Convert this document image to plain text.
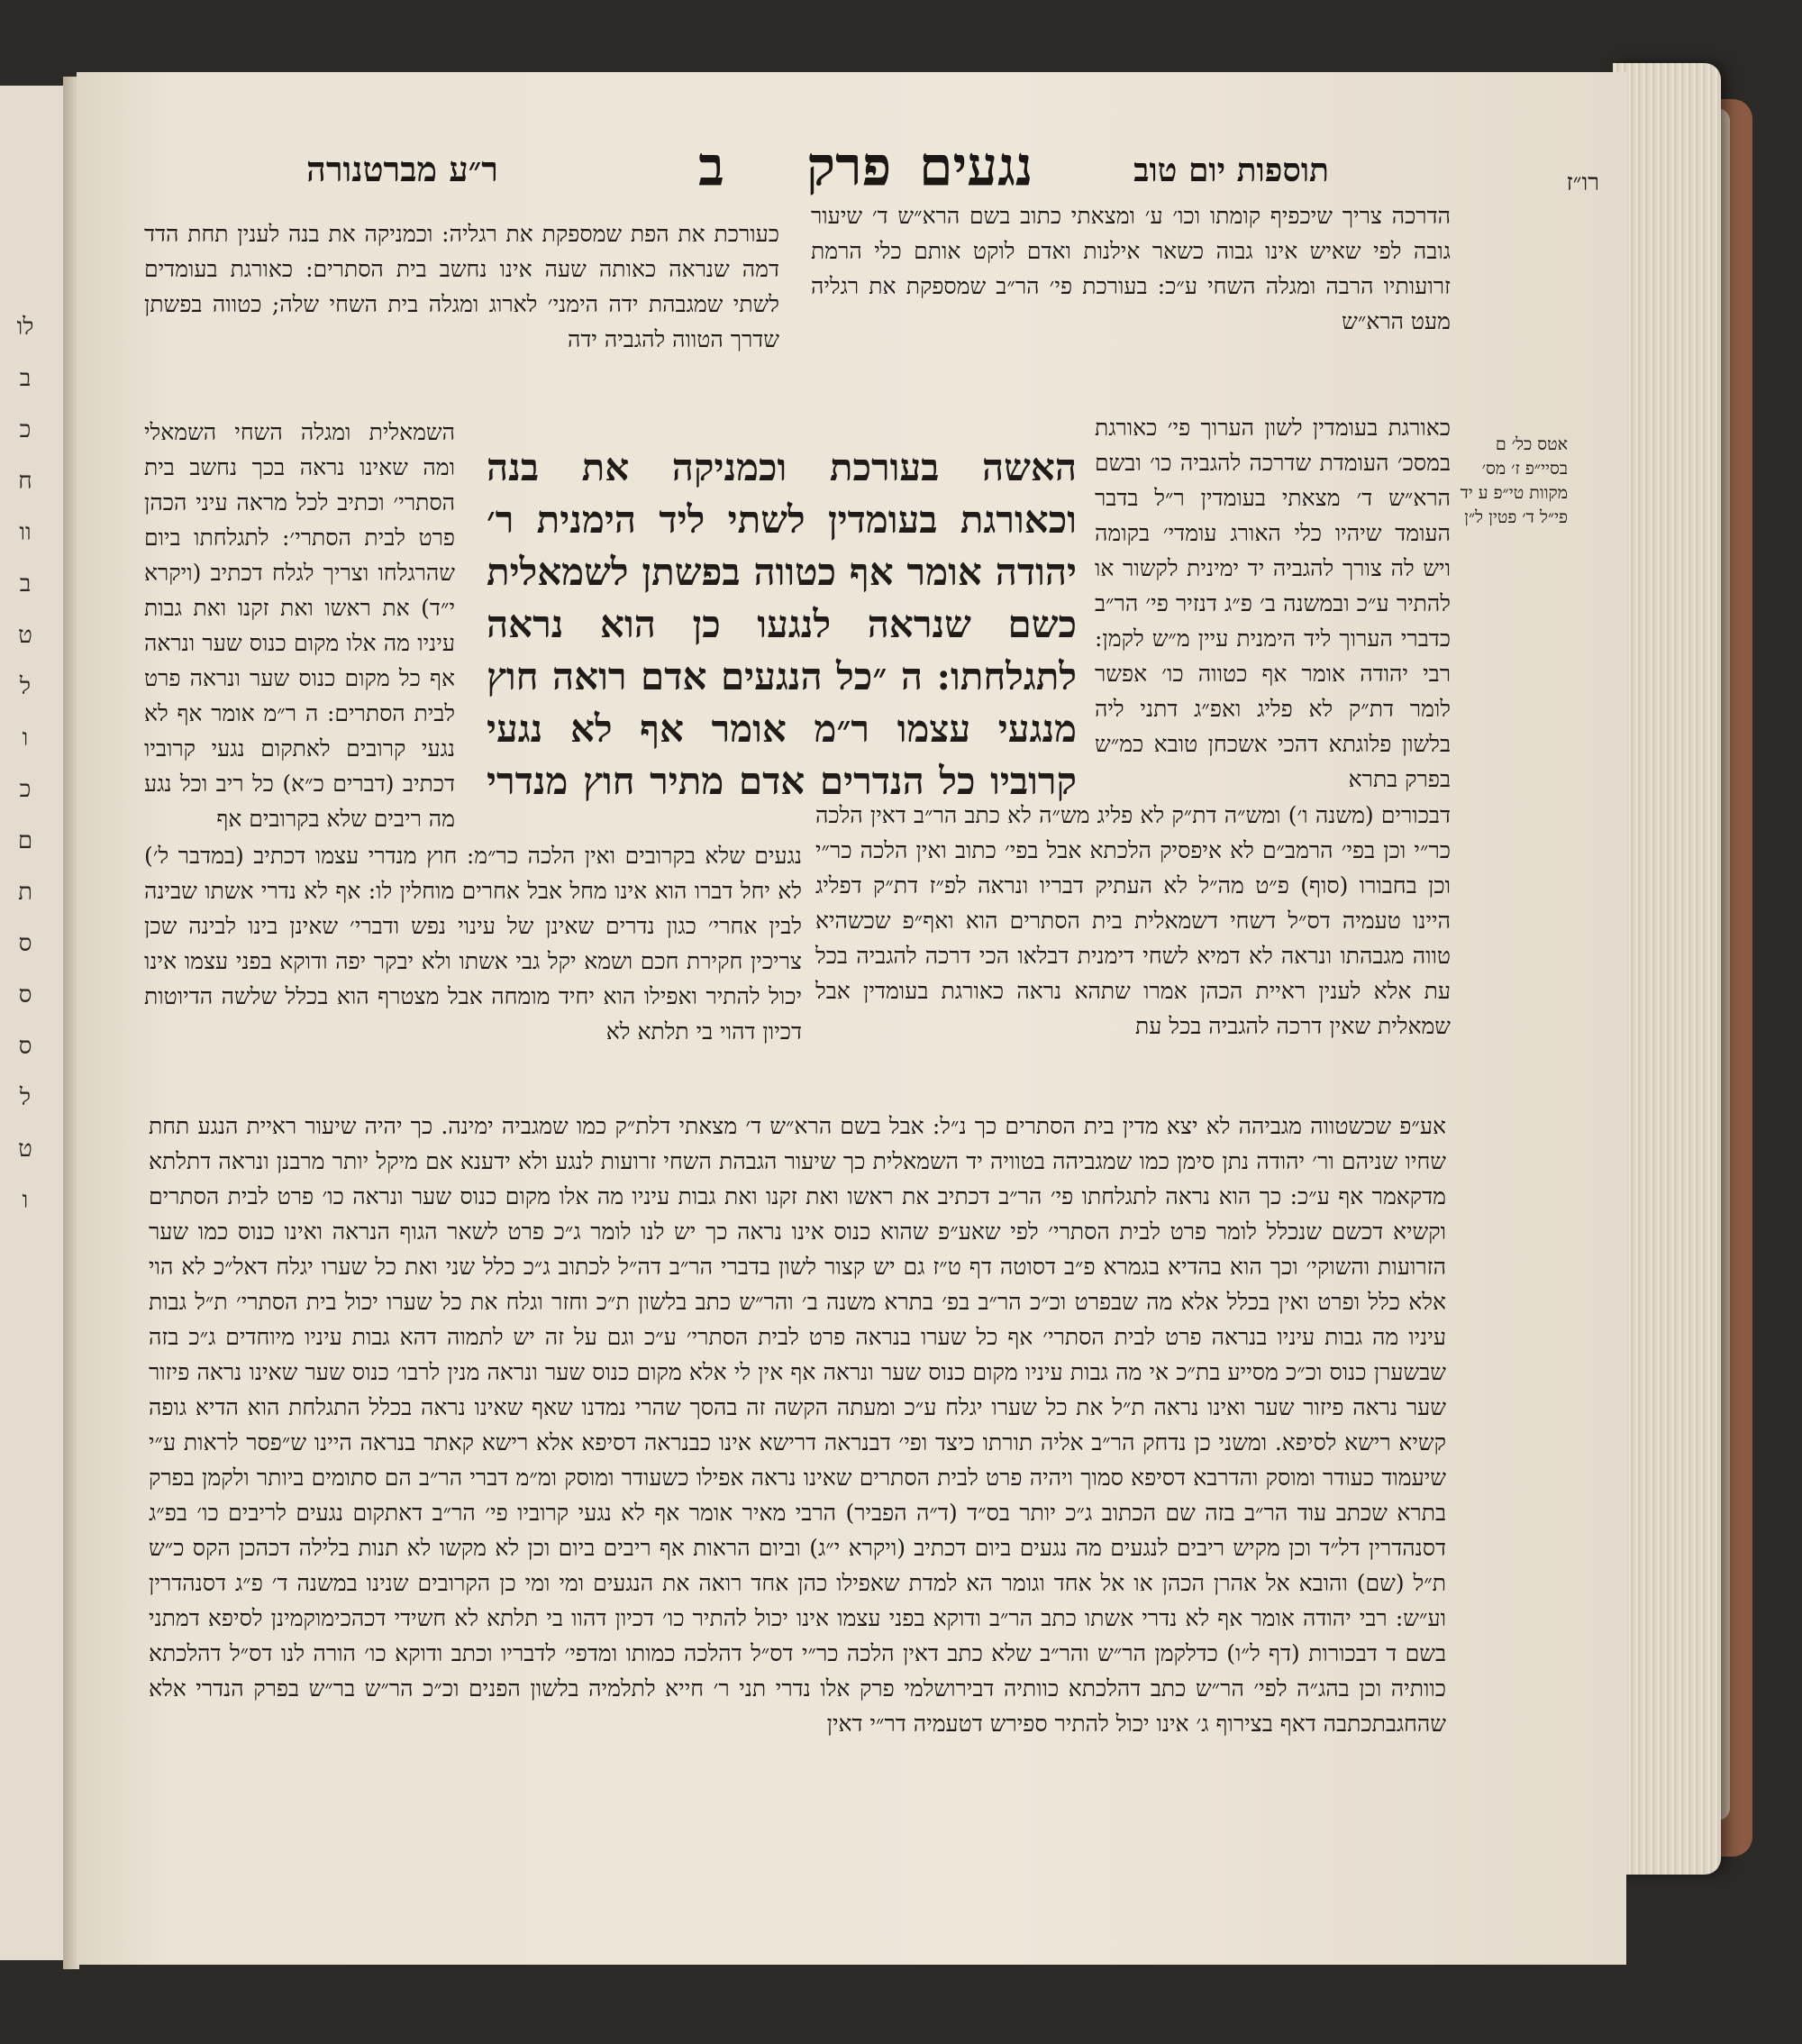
לו
ב
כ
ח
וו
ב
ט
ל
ו
כ
ם
ת
ס
ס
ס
ל
ט
ו
רו״ז
תוספות יום טוב
נגעים
פרק
ב
ר״ע מברטנורה
הדרכה צריך שיכפיף קומתו וכו׳ ע׳ ומצאתי כתוב בשם הרא״ש ד׳ שיעור גובה לפי שאיש אינו גבוה כשאר אילנות ואדם לוקט אותם כלי הרמת זרועותיו הרבה ומגלה השחי ע״כ: בעורכת פי׳ הר״ב שמספקת את רגליה מעט הרא״ש
כאורגת בעומדין לשון הערוך פי׳ כאורגת במסכ׳ העומדת שדרכה להגביה כו׳ ובשם הרא״ש ד׳ מצאתי בעומדין ר״ל בדבר העומד שיהיו כלי האורג עומדי׳ בקומה ויש לה צורך להגביה יד ימינית לקשור או להתיר ע״כ ובמשנה ב׳ פ״ג דנזיר פי׳ הר״ב כדברי הערוך ליד הימנית עיין מ״ש לקמן: רבי יהודה אומר אף כטווה כו׳ אפשר לומר דת״ק לא פליג ואפ״ג דתני ליה בלשון פלוגתא דהכי אשכחן טובא כמ״ש בפרק בתרא
דבכורים (משנה ו׳) ומש״ה דת״ק לא פליג מש״ה לא כתב הר״ב דאין הלכה כר״י וכן בפי׳ הרמב״ם לא איפסיק הלכתא אבל בפי׳ כתוב ואין הלכה כר״י וכן בחבורו (סוף) פ״ט מה״ל לא העתיק דבריו ונראה לפ״ז דת״ק דפליג היינו טעמיה דס״ל דשחי דשמאלית בית הסתרים הוא ואף״פ שכשהיא טווה מגבהתו ונראה לא דמיא לשחי דימנית דבלאו הכי דרכה להגביה בכל עת אלא לענין ראיית הכהן אמרו שתהא נראה כאורגת בעומדין אבל שמאלית שאין דרכה להגביה בכל עת
אטס כל׳ ם בסיי״פ ז׳ מס׳ מקוות טי״פ ע יד פי״ל ד׳ פטין ל״ן
כעורכת את הפת שמספקת את רגליה: וכמניקה את בנה לענין תחת הדד דמה שנראה כאותה שעה אינו נחשב בית הסתרים: כאורגת בעומדים לשתי שמגבהת ידה הימני׳ לארוג ומגלה בית השחי שלה; כטווה בפשתן שדרך הטווה להגביה ידה
השמאלית ומגלה השחי השמאלי ומה שאינו נראה בכך נחשב בית הסתרי׳ וכתיב לכל מראה עיני הכהן פרט לבית הסתרי׳: לתגלחתו ביום שהרגלחו וצריך לגלח דכתיב (ויקרא י״ד) את ראשו ואת זקנו ואת גבות עיניו מה אלו מקום כנוס שער ונראה אף כל מקום כנוס שער ונראה פרט לבית הסתרים: ה ר״מ אומר אף לא נגעי קרובים לאתקום נגעי קרוביו דכתיב (דברים כ״א) כל ריב וכל נגע מה ריבים שלא בקרובים אף
נגעים שלא בקרובים ואין הלכה כר״מ: חוץ מנדרי עצמו דכתיב (במדבר ל׳) לא יחל דברו הוא אינו מחל אבל אחרים מוחלין לו: אף לא נדרי אשתו שבינה לבין אחרי׳ כגון נדרים שאינן של עינוי נפש ודברי׳ שאינן בינו לבינה שכן צריכין חקירת חכם ושמא יקל גבי אשתו ולא יבקר יפה ודוקא בפני עצמו אינו יכול להתיר ואפילו הוא יחיד מומחה אבל מצטרף הוא בכלל שלשה הדיוטות דכיון דהוי בי תלתא לא
האשה בעורכת וכמניקה את בנה וכאורגת בעומדין לשתי ליד הימנית ר׳ יהודה אומר אף כטווה בפשתן לשמאלית כשם שנראה לנגעו כן הוא נראה לתגלחתו: ה ״כל הנגעים אדם רואה חוץ מנגעי עצמו ר״מ אומר אף לא נגעי קרוביו כל הנדרים אדם מתיר חוץ מנדרי
אע״פ שכשטווה מגביהה לא יצא מדין בית הסתרים כך נ״ל: אבל בשם הרא״ש ד׳ מצאתי דלת״ק כמו שמגביה ימינה. כך יהיה שיעור ראיית הנגע תחת שחיו שניהם ור׳ יהודה נתן סימן כמו שמגביהה בטוויה יד השמאלית כך שיעור הגבהת השחי זרועות לנגע ולא ידענא אם מיקל יותר מרבנן ונראה דתלתא מדקאמר אף ע״כ: כך הוא נראה לתגלחתו פי׳ הר״ב דכתיב את ראשו ואת זקנו ואת גבות עיניו מה אלו מקום כנוס שער ונראה כו׳ פרט לבית הסתרים וקשיא דכשם שנכלל לומר פרט לבית הסתרי׳ לפי שאע״פ שהוא כנוס אינו נראה כך יש לנו לומר ג״כ פרט לשאר הגוף הנראה ואינו כנוס כמו שער הזרועות והשוקי׳ וכך הוא בהדיא בגמרא פ״ב דסוטה דף ט״ז גם יש קצור לשון בדברי הר״ב דה״ל לכתוב ג״כ כלל שני ואת כל שערו יגלח דאל״כ לא הוי אלא כלל ופרט ואין בכלל אלא מה שבפרט וכ״כ הר״ב בפ׳ בתרא משנה ב׳ והר״ש כתב בלשון ת״כ וחזר וגלח את כל שערו יכול בית הסתרי׳ ת״ל גבות עיניו מה גבות עיניו בנראה פרט לבית הסתרי׳ אף כל שערו בנראה פרט לבית הסתרי׳ ע״כ וגם על זה יש לתמוה דהא גבות עיניו מיוחדים ג״כ בזה שבשערן כנוס וכ״כ מסייע בת״כ אי מה גבות עיניו מקום כנוס שער ונראה אף אין לי אלא מקום כנוס שער ונראה מנין לרבו׳ כנוס שער שאינו נראה פיזור שער נראה פיזור שער ואינו נראה ת״ל את כל שערו יגלח ע״כ ומעתה הקשה זה בהסך שהרי נמדנו שאף שאינו נראה בכלל התגלחת הוא הדיא גופה קשיא רישא לסיפא. ומשני כן נדחק הר״ב אליה תורתו כיצד ופי׳ דבנראה דרישא אינו כבנראה דסיפא אלא רישא קאתר בנראה היינו ש״פסר לראות ע״י שיעמוד כעודר ומוסק והדרבא דסיפא סמוך ויהיה פרט לבית הסתרים שאינו נראה אפילו כשעודר ומוסק ומ״מ דברי הר״ב הם סתומים ביותר ולקמן בפרק בתרא שכתב עוד הר״ב בזה שם הכתוב ג״כ יותר בס״ד (ד״ה הפביר) הרבי מאיר אומר אף לא נגעי קרוביו פי׳ הר״ב דאתקום נגעים לריבים כו׳ בפ״ג דסנהדרין דל״ד וכן מקיש ריבים לנגעים מה נגעים ביום דכתיב (ויקרא י״ג) וביום הראות אף ריבים ביום וכן לא מקשו לא תנות בלילה דכהכן הקס כ״ש ת״ל (שם) והובא אל אהרן הכהן או אל אחד וגומר הא למדת שאפילו כהן אחד רואה את הנגעים ומי ומי כן הקרובים שנינו במשנה ד׳ פ״ג דסנהדרין וע״ש: רבי יהודה אומר אף לא נדרי אשתו כתב הר״ב ודוקא בפני עצמו אינו יכול להתיר כו׳ דכיון דהוו בי תלתא לא חשידי דכהכימוקמינן לסיפא דמתני בשם ד דבכורות (דף ל״ו) כדלקמן הר״ש והר״ב שלא כתב דאין הלכה כר״י דס״ל דהלכה כמותו ומדפי׳ לדבריו וכתב ודוקא כו׳ הורה לנו דס״ל דהלכתא כוותיה וכן בהג״ה לפי׳ הר״ש כתב דהלכתא כוותיה דבירושלמי פרק אלו נדרי תני ר׳ חייא לתלמיה בלשון הפנים וכ״כ הר״ש בר״ש בפרק הנדרי אלא שהחגבתכתבה דאף בצירוף ג׳ אינו יכול להתיר ספירש דטעמיה דר״י דאין
